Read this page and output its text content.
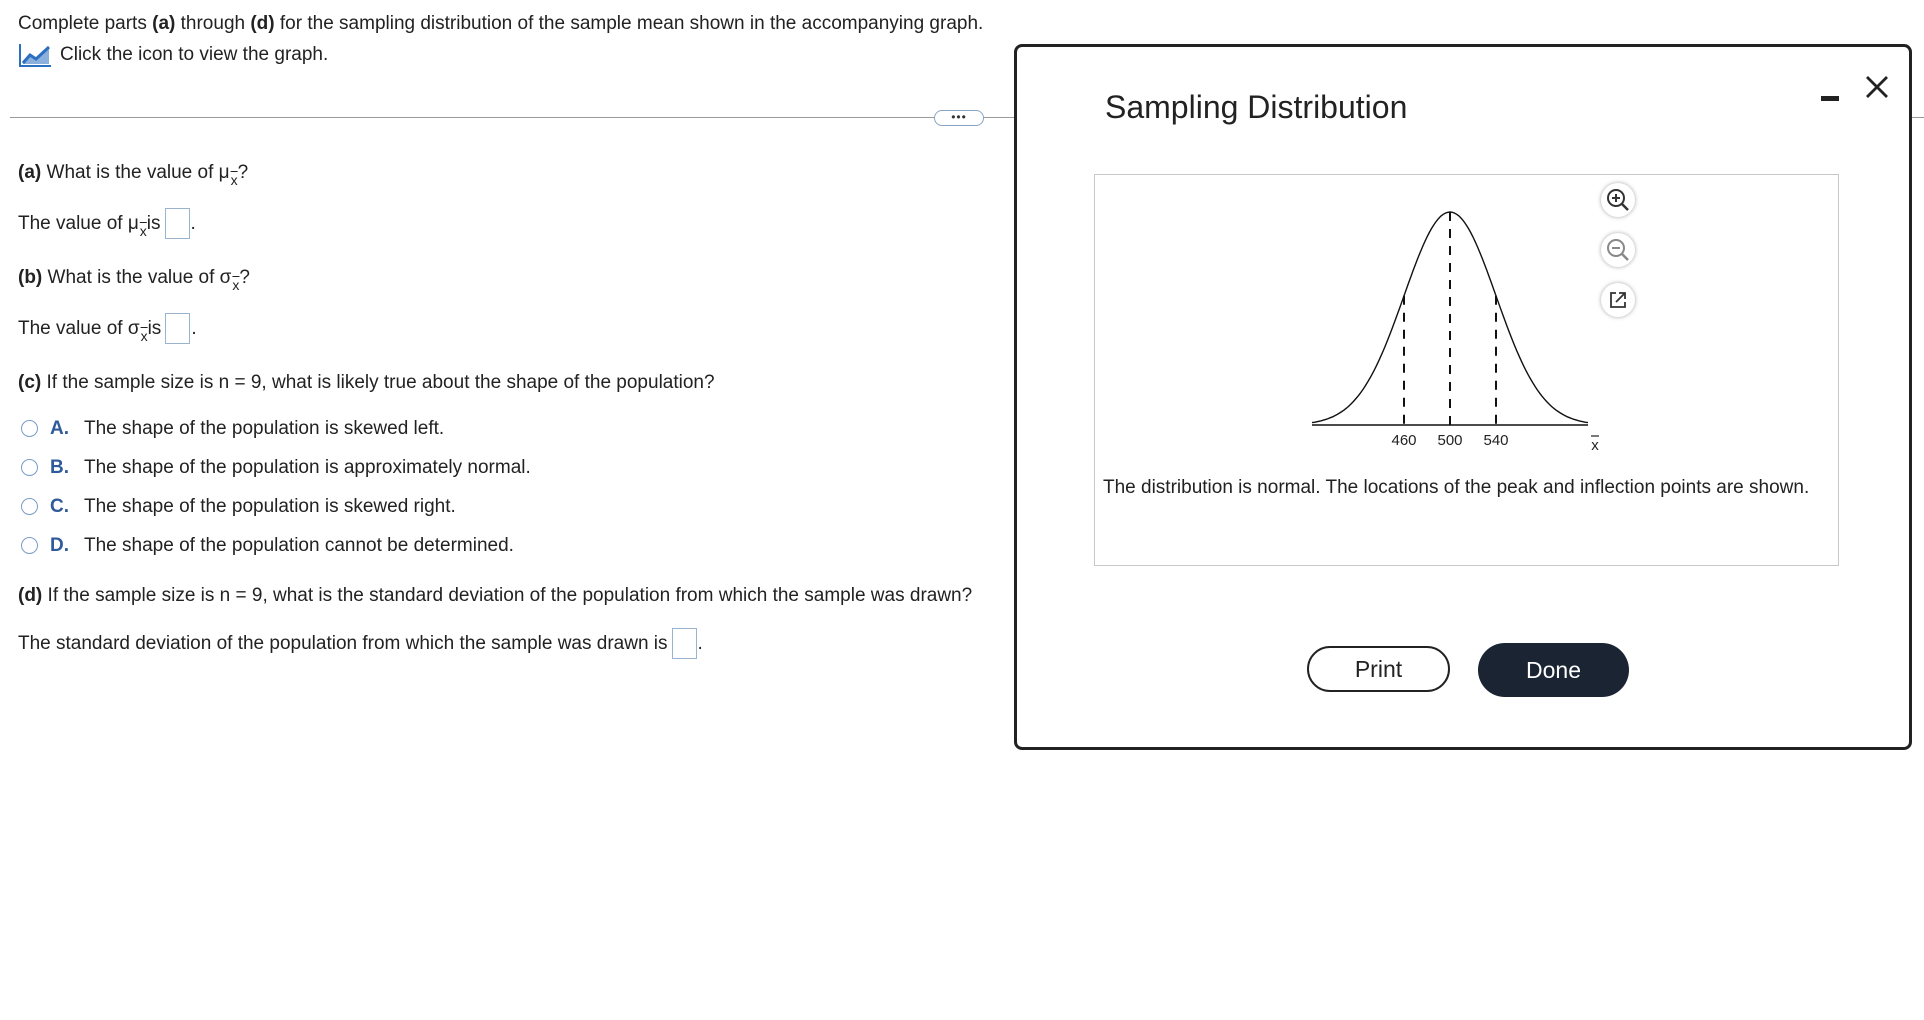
Complete parts (a) through (d) for the sampling distribution of the sample mean shown in the accompanying graph.
Click the icon to view the graph.
•••
(a) What is the value of $\mu_{\overline{x}}$?
The value of μ $\overline{x}$ is .
(b) What is the value of $\sigma_{\overline{x}}$?
The value of σ $\overline{x}$ is .
(c) If the sample size is n = 9, what is likely true about the shape of the population?
A. The shape of the population is skewed left.
B. The shape of the population is approximately normal.
C. The shape of the population is skewed right.
D. The shape of the population cannot be determined.
(d) If the sample size is n = 9, what is the standard deviation of the population from which the sample was drawn?
The standard deviation of the population from which the sample was drawn is .
Sampling Distribution
460 500 540	x
The distribution is normal. The locations of the peak and inflection points are shown.
Print	Done
